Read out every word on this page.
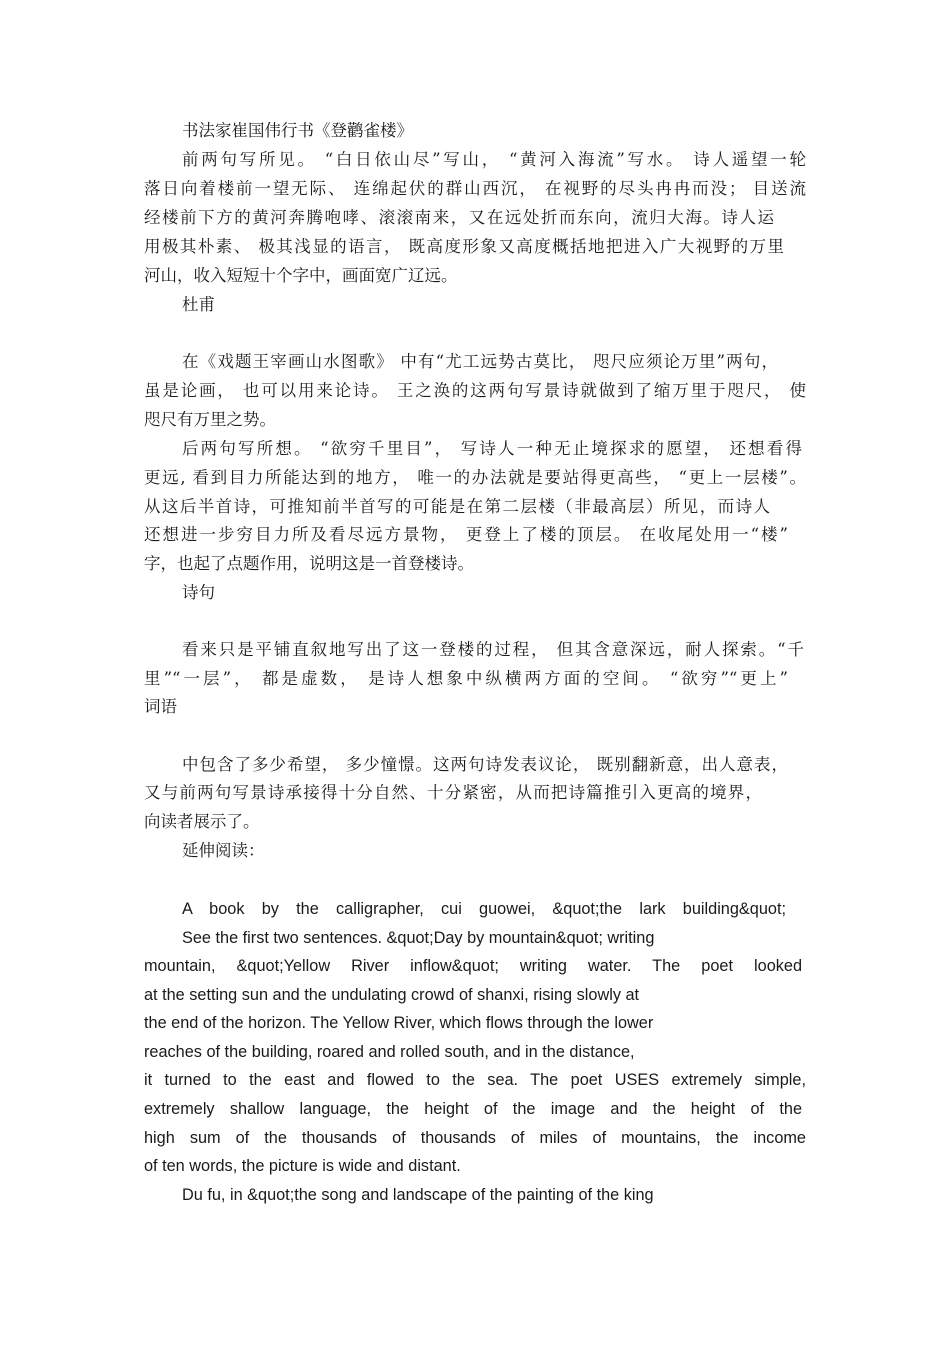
书法家崔国伟行书《登鹳雀楼》
前两句写所见。 “白日依山尽”写山， “黄河入海流”写水。 诗人遥望一轮
落日向着楼前一望无际、 连绵起伏的群山西沉， 在视野的尽头冉冉而没； 目送流
经楼前下方的黄河奔腾咆哮、滚滚南来，又在远处折而东向，流归大海。诗人运
用极其朴素、 极其浅显的语言， 既高度形象又高度概括地把进入广大视野的万里
河山，收入短短十个字中，画面宽广辽远。
杜甫
在《戏题王宰画山水图歌》 中有“尤工远势古莫比， 咫尺应须论万里”两句，
虽是论画， 也可以用来论诗。 王之涣的这两句写景诗就做到了缩万里于咫尺， 使
咫尺有万里之势。
后两句写所想。 “欲穷千里目”， 写诗人一种无止境探求的愿望， 还想看得
更远, 看到目力所能达到的地方， 唯一的办法就是要站得更高些， “更上一层楼”。
从这后半首诗，可推知前半首写的可能是在第二层楼（非最高层）所见，而诗人
还想进一步穷目力所及看尽远方景物， 更登上了楼的顶层。 在收尾处用一“楼”
字，也起了点题作用，说明这是一首登楼诗。
诗句
看来只是平铺直叙地写出了这一登楼的过程， 但其含意深远，耐人探索。“千
里”“一层”， 都是虚数， 是诗人想象中纵横两方面的空间。 “欲穷”“更上”
词语
中包含了多少希望， 多少憧憬。这两句诗发表议论， 既别翻新意，出人意表，
又与前两句写景诗承接得十分自然、十分紧密，从而把诗篇推引入更高的境界，
向读者展示了。
延伸阅读：
A book by the calligrapher, cui guowei, &quot;the lark building&quot;
See the first two sentences. &quot;Day by mountain&quot; writing
mountain, &quot;Yellow River inflow&quot; writing water. The poet looked
at the setting sun and the undulating crowd of shanxi, rising slowly at
the end of the horizon. The Yellow River, which flows through the lower
reaches of the building, roared and rolled south, and in the distance,
it turned to the east and flowed to the sea. The poet USES extremely simple,
extremely shallow language, the height of the image and the height of the
high sum of the thousands of thousands of miles of mountains, the income
of ten words, the picture is wide and distant.
Du fu, in &quot;the song and landscape of the painting of the king
